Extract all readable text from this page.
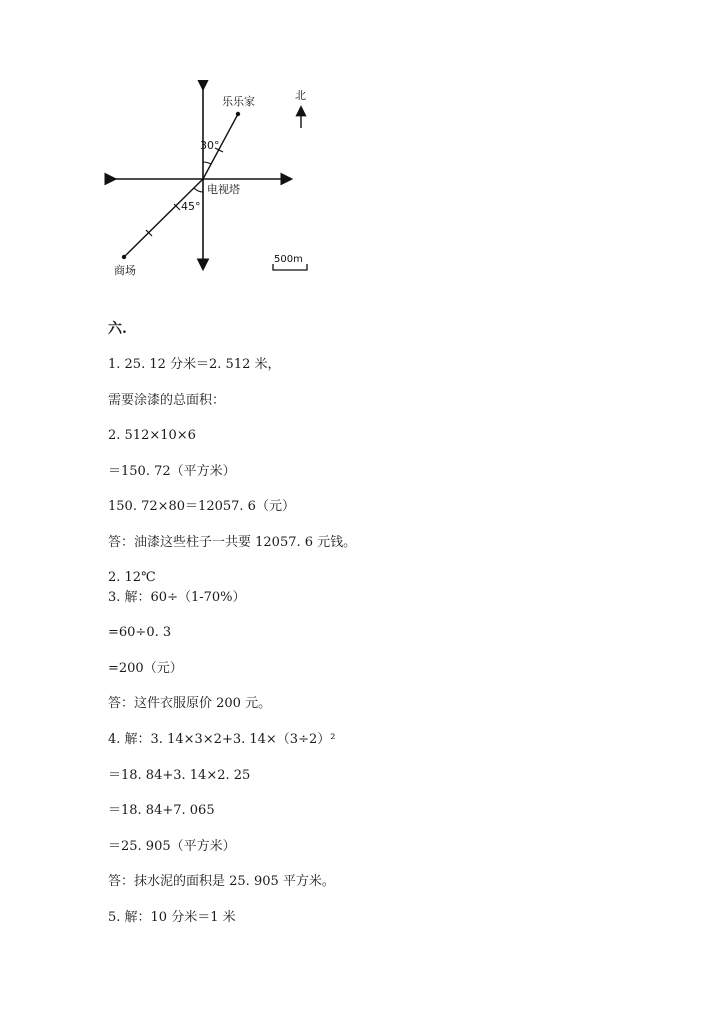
北
乐乐家
30°
电视塔
45°
商场
500m
六.
1. 25. 12 分米＝2. 512 米，
需要涂漆的总面积：
2. 512×10×6
＝150. 72（平方米）
150. 72×80＝12057. 6（元）
答：油漆这些柱子一共要 12057. 6 元钱。
2. 12℃
3. 解：60÷（1-70%）
=60÷0. 3
=200（元）
答：这件衣服原价 200 元。
4. 解：3. 14×3×2+3. 14×（3÷2）²
＝18. 84+3. 14×2. 25
＝18. 84+7. 065
＝25. 905（平方米）
答：抹水泥的面积是 25. 905 平方米。
5. 解：10 分米＝1 米
